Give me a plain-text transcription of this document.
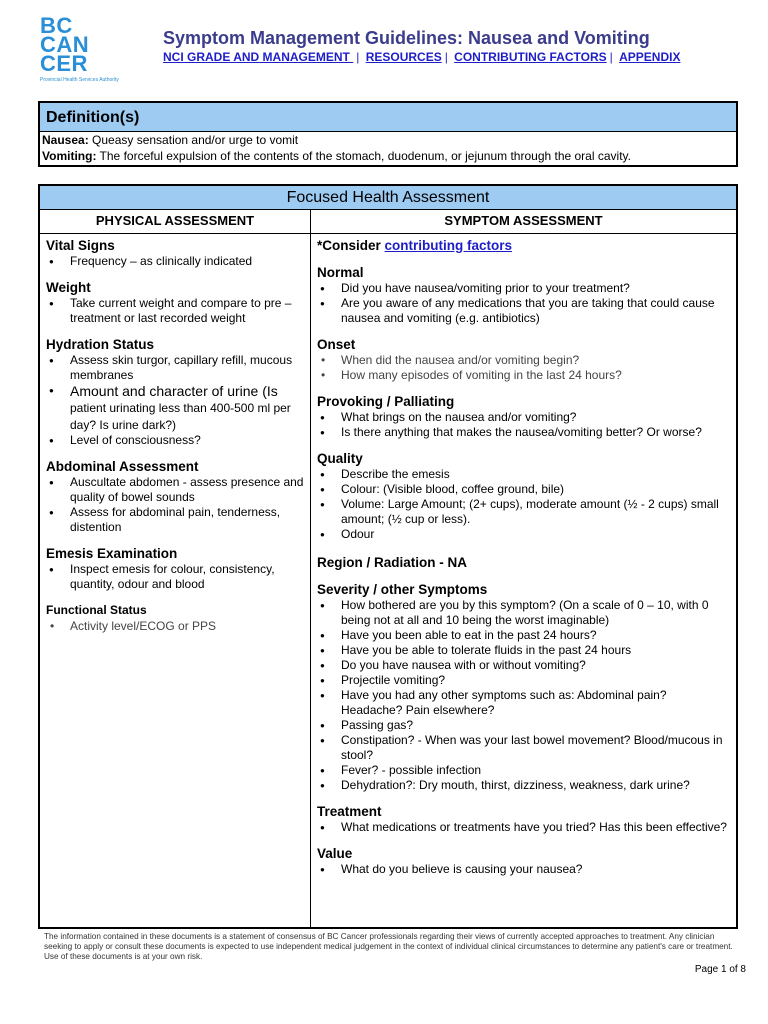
BC
CAN
CER
Provincial Health Services Authority
Symptom Management Guidelines: Nausea and Vomiting
NCI GRADE AND MANAGEMENT | RESOURCES | CONTRIBUTING FACTORS | APPENDIX
Definition(s)
Nausea: Queasy sensation and/or urge to vomit
Vomiting: The forceful expulsion of the contents of the stomach, duodenum, or jejunum through the oral cavity.
Focused Health Assessment
PHYSICAL ASSESSMENT	SYMPTOM ASSESSMENT
Vital Signs
● Frequency – as clinically indicated
Weight
● Take current weight and compare to pre – treatment or last recorded weight
Hydration Status
● Assess skin turgor, capillary refill, mucous membranes
● Amount and character of urine (Is patient urinating less than 400-500 ml per day? Is urine dark?)
● Level of consciousness?
Abdominal Assessment
● Auscultate abdomen - assess presence and quality of bowel sounds
● Assess for abdominal pain, tenderness, distention
Emesis Examination
● Inspect emesis for colour, consistency, quantity, odour and blood
Functional Status
• Activity level/ECOG or PPS
*Consider contributing factors
Normal
● Did you have nausea/vomiting prior to your treatment?
● Are you aware of any medications that you are taking that could cause nausea and vomiting (e.g. antibiotics)
Onset
• When did the nausea and/or vomiting begin?
• How many episodes of vomiting in the last 24 hours?
Provoking / Palliating
● What brings on the nausea and/or vomiting?
● Is there anything that makes the nausea/vomiting better? Or worse?
Quality
● Describe the emesis
● Colour: (Visible blood, coffee ground, bile)
● Volume: Large Amount; (2+ cups), moderate amount (½ - 2 cups) small amount; (½ cup or less).
● Odour
Region / Radiation - NA
Severity / other Symptoms
● How bothered are you by this symptom? (On a scale of 0 – 10, with 0 being not at all and 10 being the worst imaginable)
● Have you been able to eat in the past 24 hours?
● Have you be able to tolerate fluids in the past 24 hours
● Do you have nausea with or without vomiting?
● Projectile vomiting?
● Have you had any other symptoms such as: Abdominal pain? Headache? Pain elsewhere?
● Passing gas?
● Constipation? - When was your last bowel movement? Blood/mucous in stool?
● Fever? - possible infection
● Dehydration?: Dry mouth, thirst, dizziness, weakness, dark urine?
Treatment
● What medications or treatments have you tried? Has this been effective?
Value
● What do you believe is causing your nausea?
The information contained in these documents is a statement of consensus of BC Cancer professionals regarding their views of currently accepted approaches to treatment. Any clinician seeking to apply or consult these documents is expected to use independent medical judgement in the context of individual clinical circumstances to determine any patient's care or treatment. Use of these documents is at your own risk.
Page 1 of 8
